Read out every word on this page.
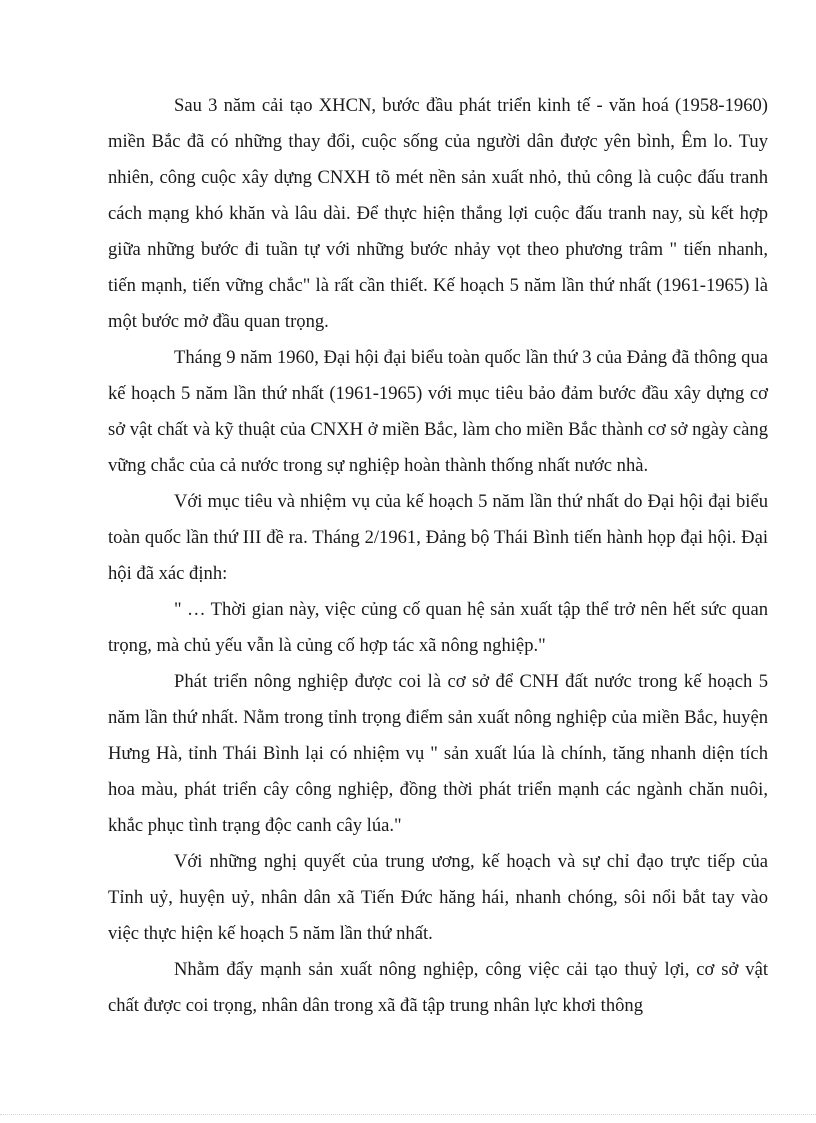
Sau 3 năm cải tạo XHCN, bước đầu phát triển kinh tế - văn hoá (1958-1960) miền Bắc đã có những thay đổi, cuộc sống của người dân được yên bình, Êm lo. Tuy nhiên, công cuộc xây dựng CNXH tõ mét nền sản xuất nhỏ, thủ công là cuộc đấu tranh cách mạng khó khăn và lâu dài. Để thực hiện thắng lợi cuộc đấu tranh nay, sù kết hợp giữa những bước đi tuần tự với những bước nhảy vọt theo phương trâm " tiến nhanh, tiến mạnh, tiến vững chắc" là rất cần thiết. Kế hoạch 5 năm lần thứ nhất (1961-1965) là một bước mở đầu quan trọng.

Tháng 9 năm 1960, Đại hội đại biểu toàn quốc lần thứ 3 của Đảng đã thông qua kế hoạch 5 năm lần thứ nhất (1961-1965) với mục tiêu bảo đảm bước đầu xây dựng cơ sở vật chất và kỹ thuật của CNXH ở miền Bắc, làm cho miền Bắc thành cơ sở ngày càng vững chắc của cả nước trong sự nghiệp hoàn thành thống nhất nước nhà.

Với mục tiêu và nhiệm vụ của kế hoạch 5 năm lần thứ nhất do Đại hội đại biểu toàn quốc lần thứ III đề ra. Tháng 2/1961, Đảng bộ Thái Bình tiến hành họp đại hội. Đại hội đã xác định:

" … Thời gian này, việc củng cố quan hệ sản xuất tập thể trở nên hết sức quan trọng, mà chủ yếu vẫn là củng cố hợp tác xã nông nghiệp."

Phát triển nông nghiệp được coi là cơ sở để CNH đất nước trong kế hoạch 5 năm lần thứ nhất. Nằm trong tỉnh trọng điểm sản xuất nông nghiệp của miền Bắc, huyện Hưng Hà, tỉnh Thái Bình lại có nhiệm vụ " sản xuất lúa là chính, tăng nhanh diện tích hoa màu, phát triển cây công nghiệp, đồng thời phát triển mạnh các ngành chăn nuôi, khắc phục tình trạng độc canh cây lúa."

Với những nghị quyết của trung ương, kế hoạch và sự chỉ đạo trực tiếp của Tỉnh uỷ, huyện uỷ, nhân dân xã Tiến Đức hăng hái, nhanh chóng, sôi nổi bắt tay vào việc thực hiện kế hoạch 5 năm lần thứ nhất.

Nhằm đẩy mạnh sản xuất nông nghiệp, công việc cải tạo thuỷ lợi, cơ sở vật chất được coi trọng, nhân dân trong xã đã tập trung nhân lực khơi thông
